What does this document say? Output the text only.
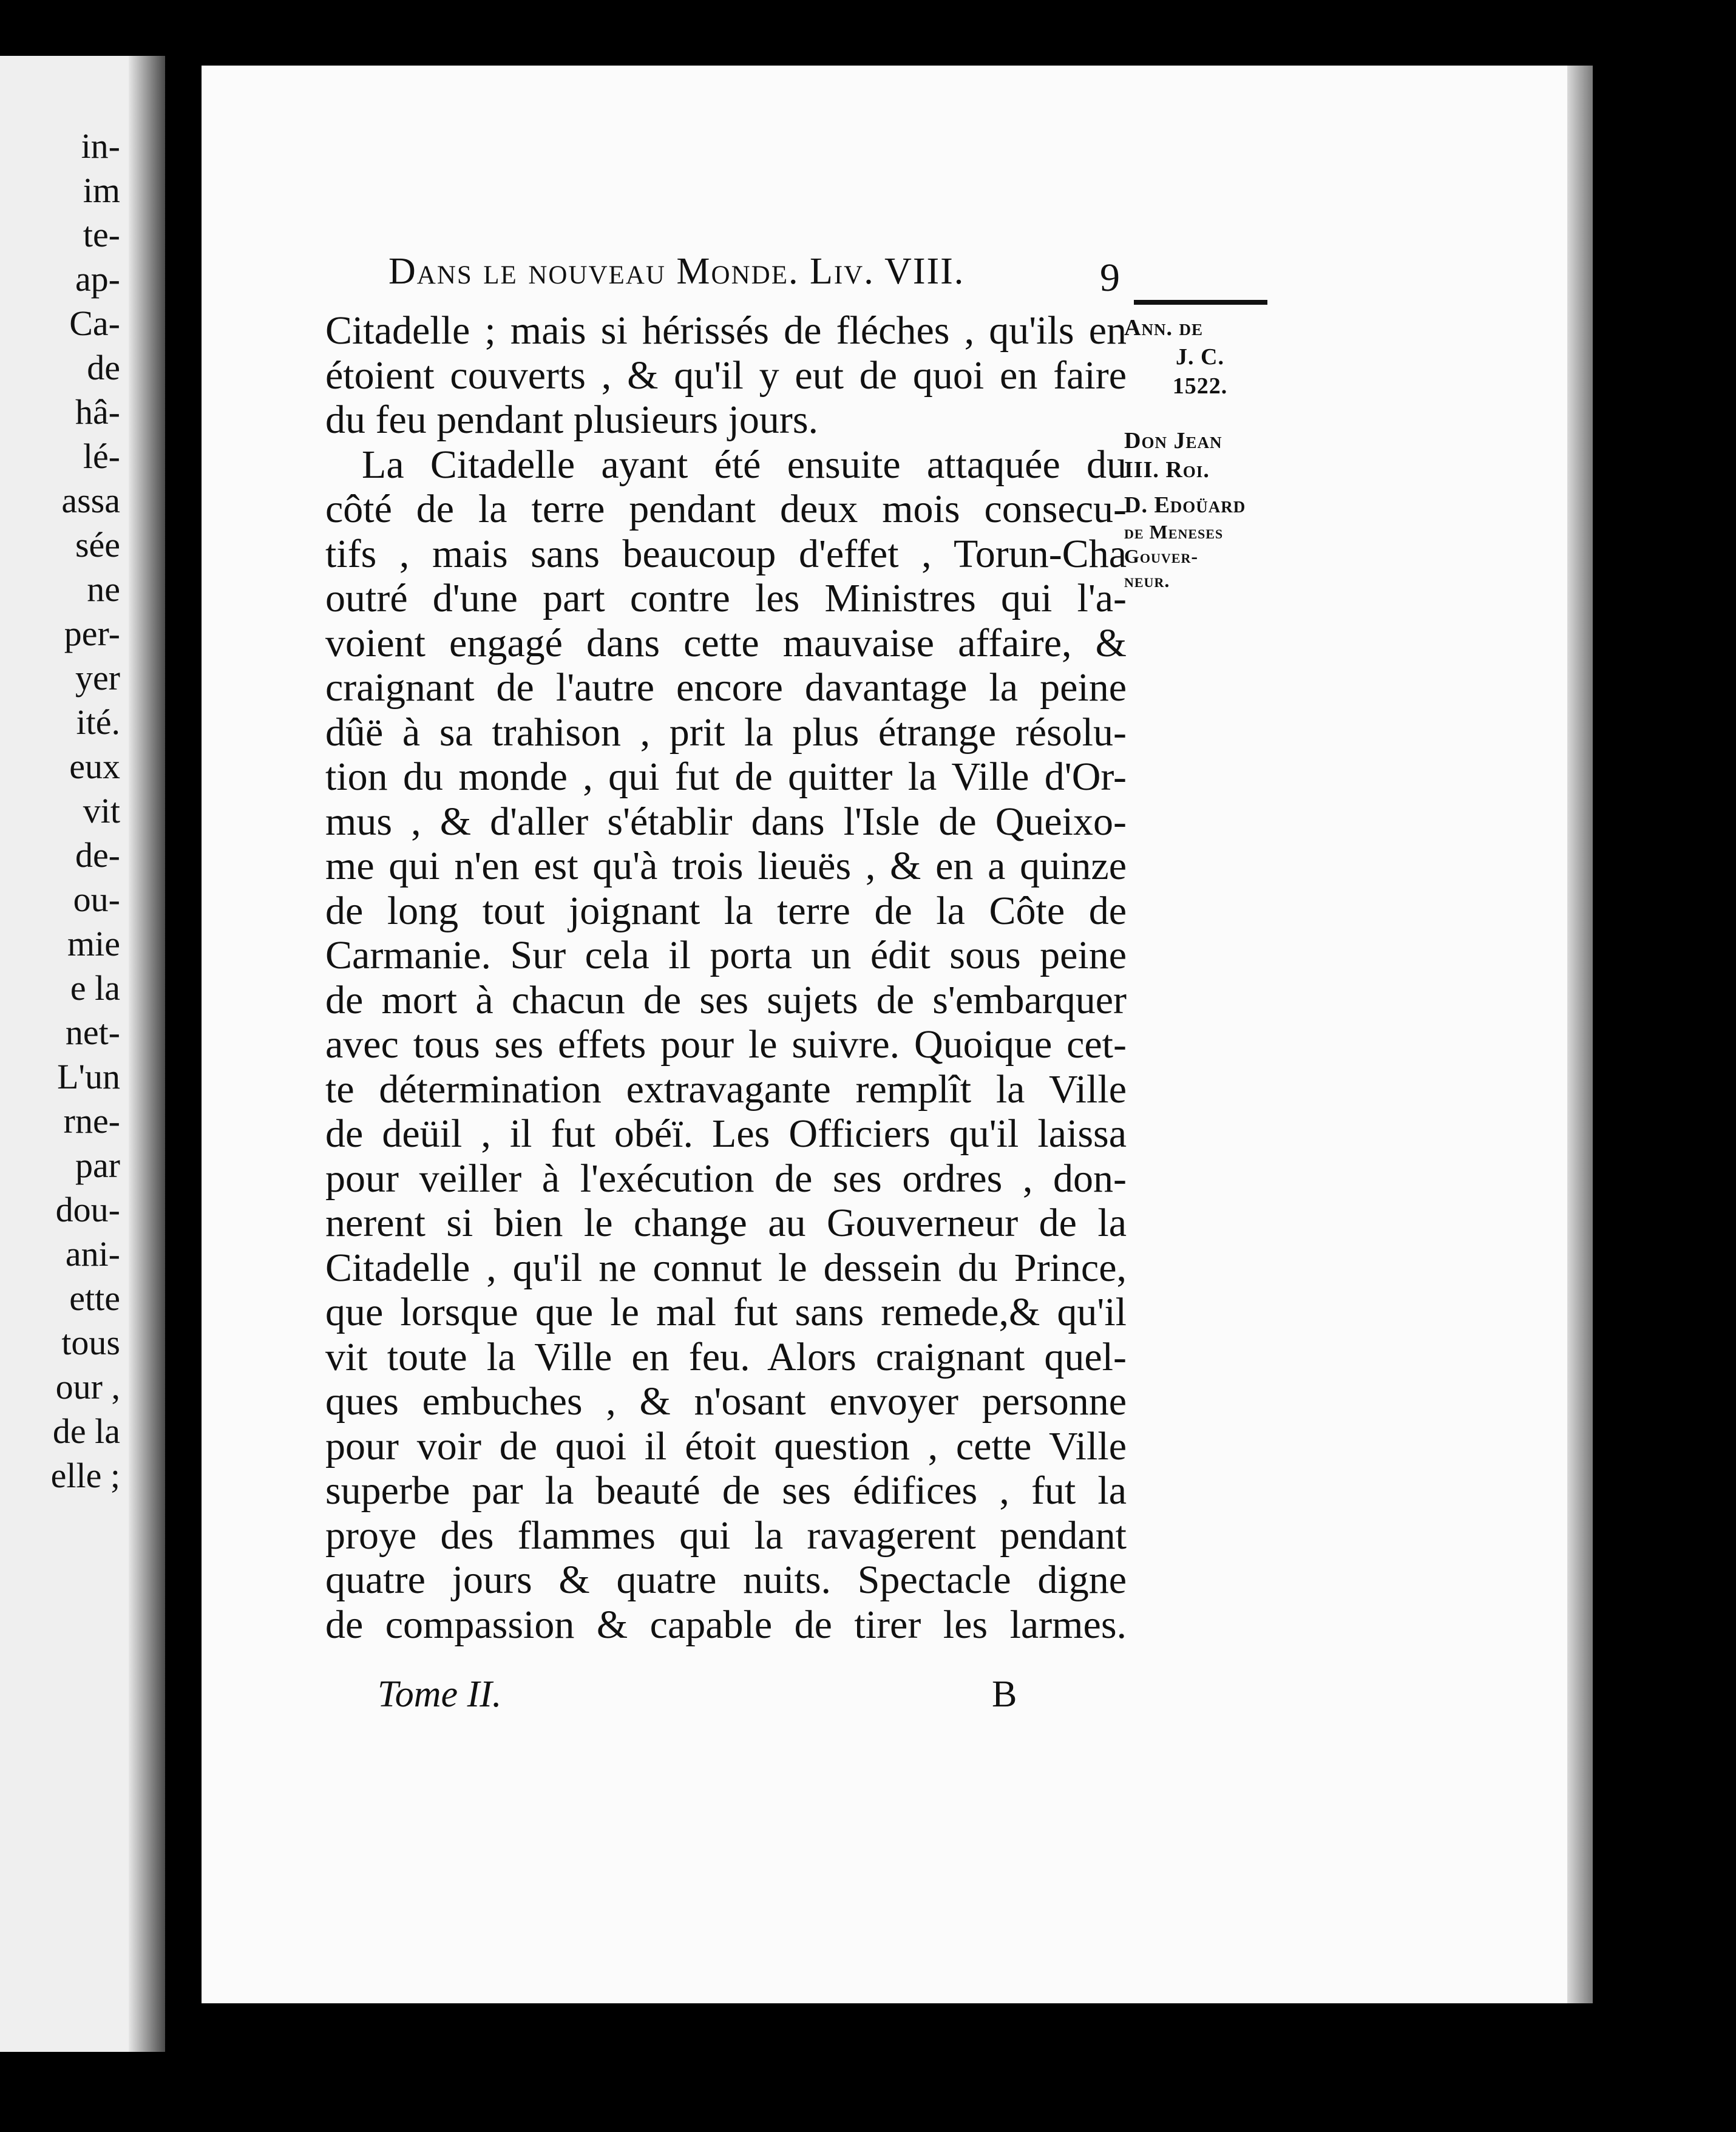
in-
im
te-
ap-
Ca-
de
hâ-
lé-
assa
sée
ne
per-
yer
ité.
eux
vit
de-
ou-
mie
e la
net-
L'un
rne-
par
dou-
ani-
ette
tous
our ,
de la
elle ;
Dans le nouveau Monde. Liv. VIII.	9
Citadelle ; mais si hérissés de fléches , qu'ils en
étoient couverts , & qu'il y eut de quoi en faire
du feu pendant plusieurs jours.
La Citadelle ayant été ensuite attaquée du
côté de la terre pendant deux mois consecu-
tifs , mais sans beaucoup d'effet , Torun-Cha
outré d'une part contre les Ministres qui l'a-
voient engagé dans cette mauvaise affaire, &
craignant de l'autre encore davantage la peine
dûë à sa trahison , prit la plus étrange résolu-
tion du monde , qui fut de quitter la Ville d'Or-
mus , & d'aller s'établir dans l'Isle de Queixo-
me qui n'en est qu'à trois lieuës , & en a quinze
de long tout joignant la terre de la Côte de
Carmanie. Sur cela il porta un édit sous peine
de mort à chacun de ses sujets de s'embarquer
avec tous ses effets pour le suivre. Quoique cet-
te détermination extravagante remplît la Ville
de deüil , il fut obéï. Les Officiers qu'il laissa
pour veiller à l'exécution de ses ordres , don-
nerent si bien le change au Gouverneur de la
Citadelle , qu'il ne connut le dessein du Prince,
que lorsque que le mal fut sans remede,& qu'il
vit toute la Ville en feu. Alors craignant quel-
ques embuches , & n'osant envoyer personne
pour voir de quoi il étoit question , cette Ville
superbe par la beauté de ses édifices , fut la
proye des flammes qui la ravagerent pendant
quatre jours & quatre nuits. Spectacle digne
de compassion & capable de tirer les larmes.
Ann. de
J. C.
1522.
Don Jean
III. Roi.
D. Edoüard
de Meneses
Gouver-
neur.
Tome II.	B
